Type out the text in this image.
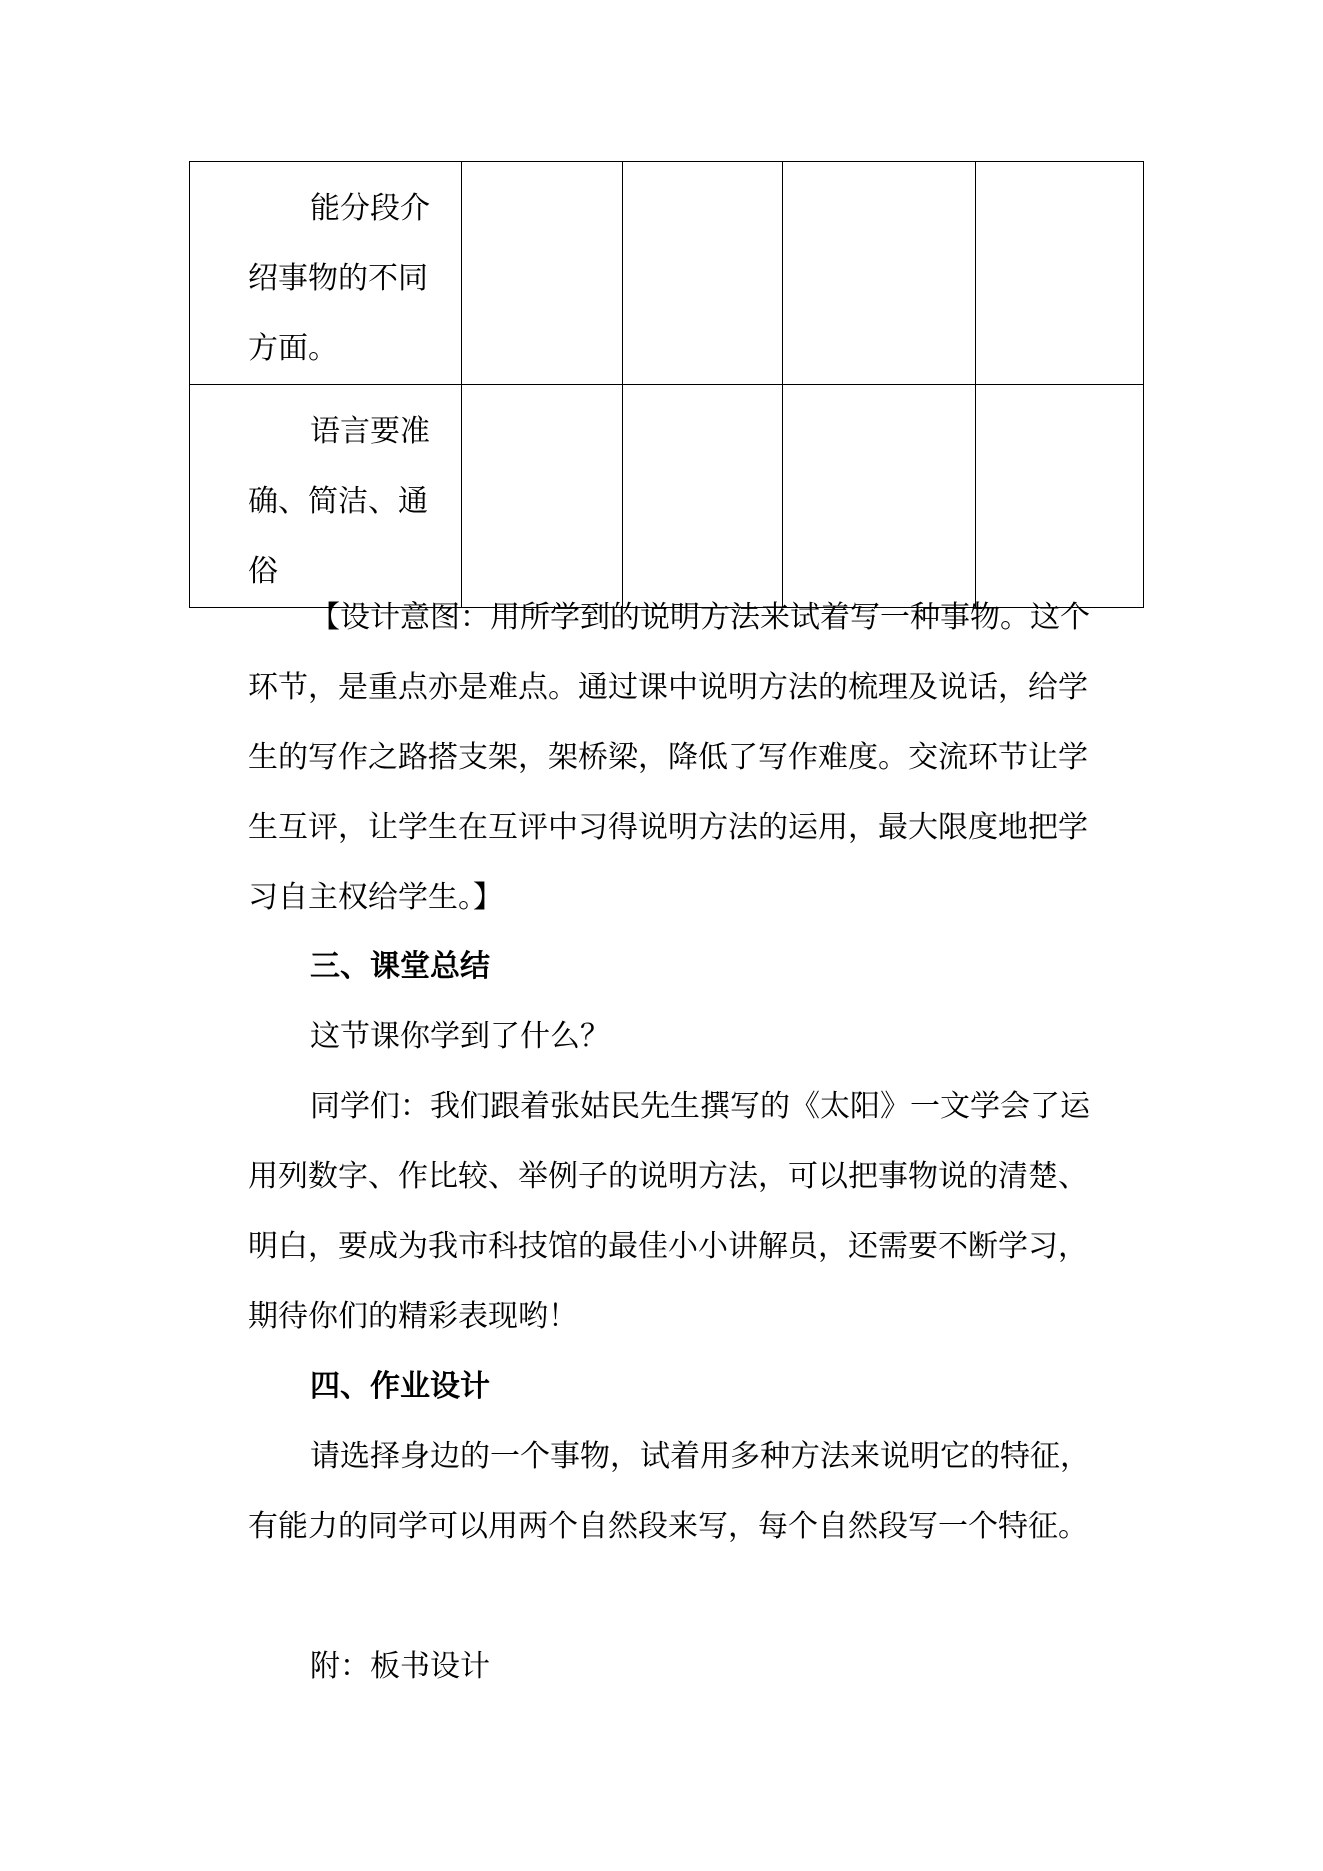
能分段介
绍事物的不同
方面。				

语言要准
确、简洁、通
俗				

【设计意图：用所学到的说明方法来试着写一种事物。这个
环节，是重点亦是难点。通过课中说明方法的梳理及说话，给学
生的写作之路搭支架，架桥梁，降低了写作难度。交流环节让学
生互评，让学生在互评中习得说明方法的运用，最大限度地把学
习自主权给学生。】
三、课堂总结
这节课你学到了什么？
同学们：我们跟着张姑民先生撰写的《太阳》一文学会了运
用列数字、作比较、举例子的说明方法，可以把事物说的清楚、
明白，要成为我市科技馆的最佳小小讲解员，还需要不断学习，
期待你们的精彩表现哟！
四、作业设计
请选择身边的一个事物，试着用多种方法来说明它的特征，
有能力的同学可以用两个自然段来写，每个自然段写一个特征。
附：板书设计
